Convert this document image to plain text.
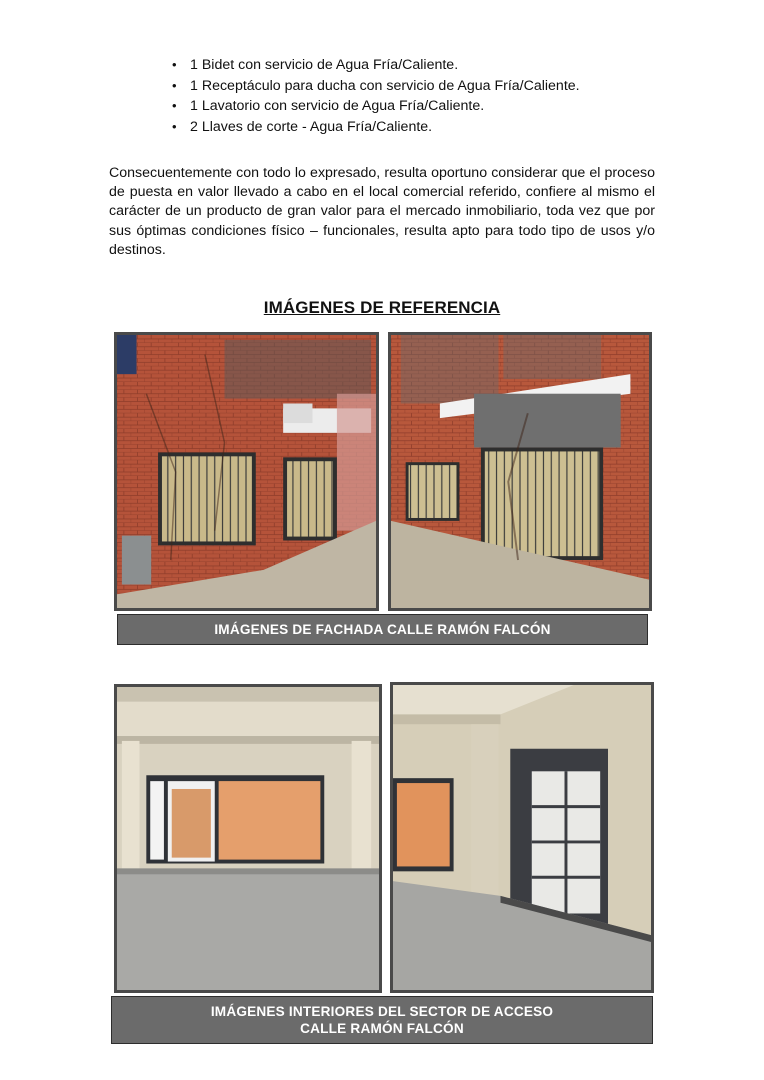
• 1 Bidet con servicio de Agua Fría/Caliente.
• 1 Receptáculo para ducha con servicio de Agua Fría/Caliente.
• 1 Lavatorio con servicio de Agua Fría/Caliente.
• 2 Llaves de corte - Agua Fría/Caliente.

Consecuentemente con todo lo expresado, resulta oportuno considerar que el proceso de puesta en valor llevado a cabo en el local comercial referido, confiere al mismo el carácter de un producto de gran valor para el mercado inmobiliario, toda vez que por sus óptimas condiciones físico – funcionales, resulta apto para todo tipo de usos y/o destinos.

IMÁGENES DE REFERENCIA
IMÁGENES DE FACHADA CALLE RAMÓN FALCÓN
IMÁGENES INTERIORES DEL SECTOR DE ACCESO
CALLE RAMÓN FALCÓN
